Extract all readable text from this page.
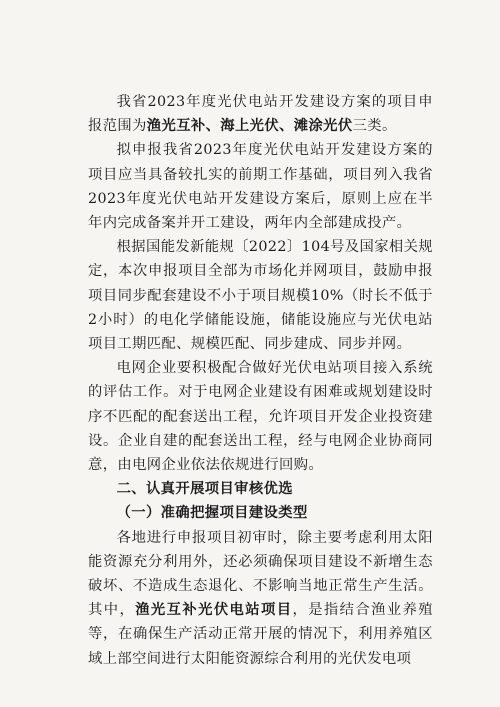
我省2023年度光伏电站开发建设方案的项目申报范围为渔光互补、海上光伏、滩涂光伏三类。

拟申报我省2023年度光伏电站开发建设方案的项目应当具备较扎实的前期工作基础，项目列入我省2023年度光伏电站开发建设方案后，原则上应在半年内完成备案并开工建设，两年内全部建成投产。

根据国能发新能规〔2022〕104号及国家相关规定，本次申报项目全部为市场化并网项目，鼓励申报项目同步配套建设不小于项目规模10%（时长不低于2小时）的电化学储能设施，储能设施应与光伏电站项目工期匹配、规模匹配、同步建成、同步并网。

电网企业要积极配合做好光伏电站项目接入系统的评估工作。对于电网企业建设有困难或规划建设时序不匹配的配套送出工程，允许项目开发企业投资建设。企业自建的配套送出工程，经与电网企业协商同意，由电网企业依法依规进行回购。

二、认真开展项目审核优选

（一）准确把握项目建设类型

各地进行申报项目初审时，除主要考虑利用太阳能资源充分利用外，还必须确保项目建设不新增生态破坏、不造成生态退化、不影响当地正常生产生活。其中，渔光互补光伏电站项目，是指结合渔业养殖等，在确保生产活动正常开展的情况下，利用养殖区域上部空间进行太阳能资源综合利用的光伏发电项
